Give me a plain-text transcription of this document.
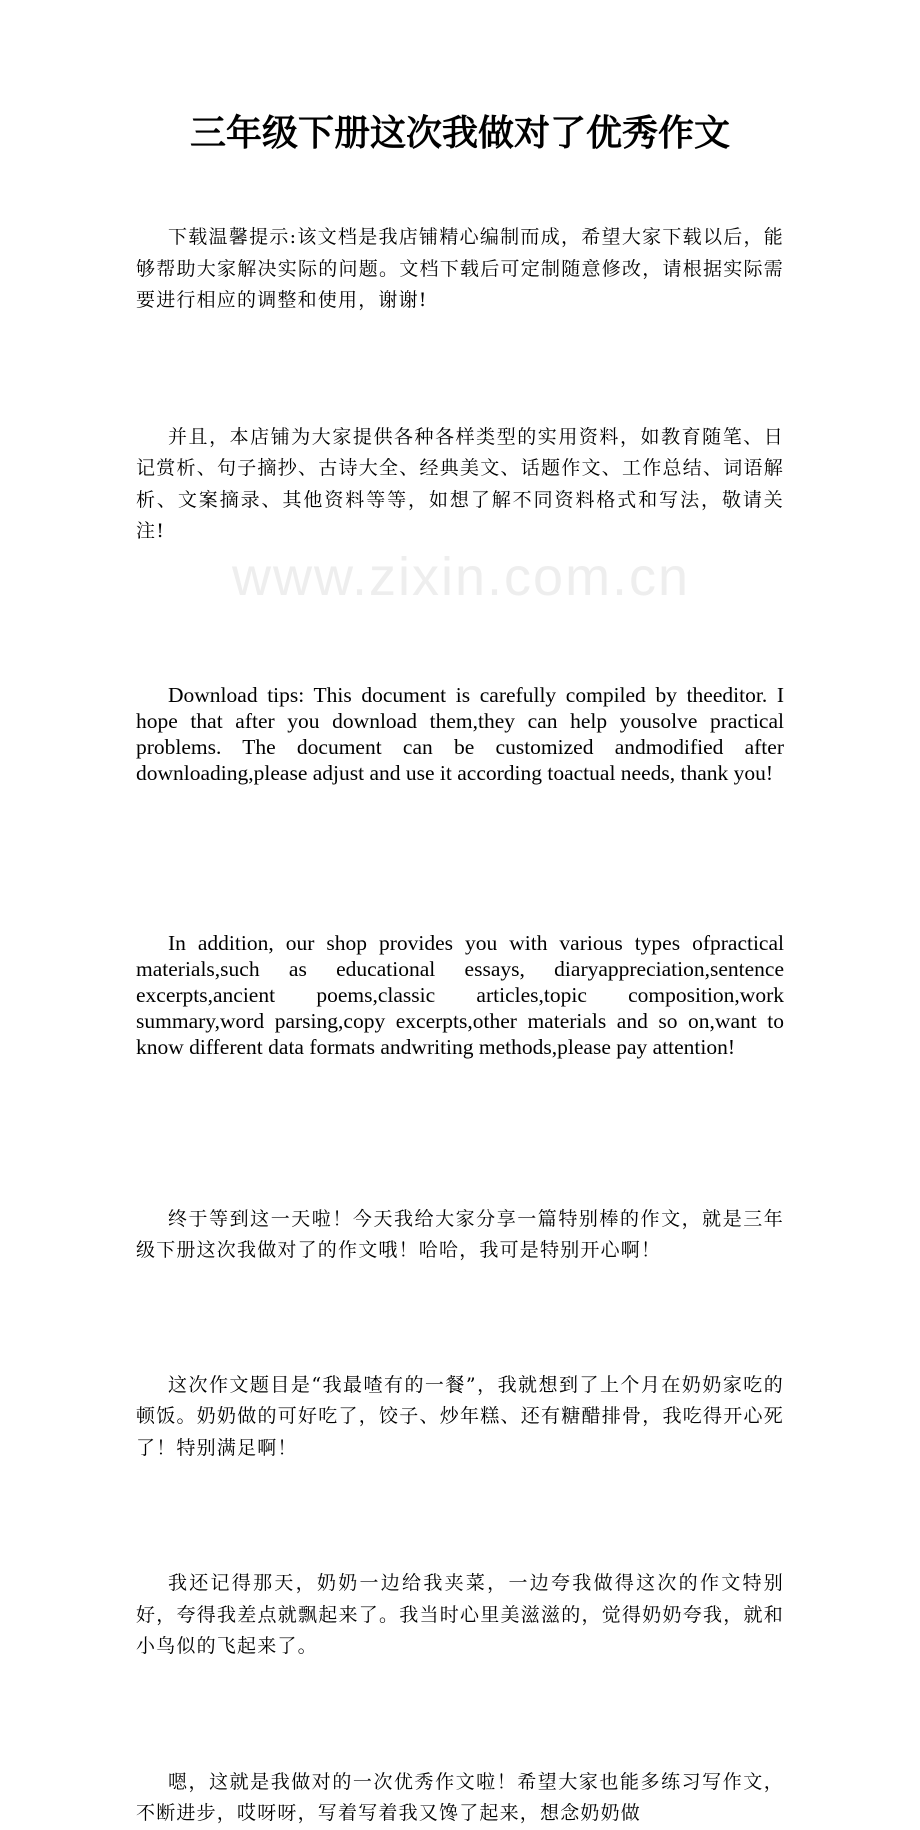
www.zixin.com.cn
三年级下册这次我做对了优秀作文

下载温馨提示:该文档是我店铺精心编制而成，希望大家下载以后，能够帮助大家解决实际的问题。文档下载后可定制随意修改，请根据实际需要进行相应的调整和使用，谢谢!

并且，本店铺为大家提供各种各样类型的实用资料，如教育随笔、日记赏析、句子摘抄、古诗大全、经典美文、话题作文、工作总结、词语解析、文案摘录、其他资料等等，如想了解不同资料格式和写法，敬请关注!

Download tips: This document is carefully compiled by theeditor. I hope that after you download them,they can help yousolve practical problems. The document can be customized andmodified after downloading,please adjust and use it according toactual needs, thank you!

In addition, our shop provides you with various types ofpractical materials,such as educational essays, diaryappreciation,sentence excerpts,ancient poems,classic articles,topic composition,work summary,word parsing,copy excerpts,other materials and so on,want to know different data formats andwriting methods,please pay attention!

终于等到这一天啦！今天我给大家分享一篇特别棒的作文，就是三年级下册这次我做对了的作文哦！哈哈，我可是特别开心啊！

这次作文题目是“我最喳有的一餐”，我就想到了上个月在奶奶家吃的顿饭。奶奶做的可好吃了，饺子、炒年糕、还有糖醋排骨，我吃得开心死了！特别满足啊！

我还记得那天，奶奶一边给我夹菜，一边夸我做得这次的作文特别好，夸得我差点就飘起来了。我当时心里美滋滋的，觉得奶奶夸我，就和小鸟似的飞起来了。

嗯，这就是我做对的一次优秀作文啦！希望大家也能多练习写作文，不断进步，哎呀呀，写着写着我又馋了起来，想念奶奶做
